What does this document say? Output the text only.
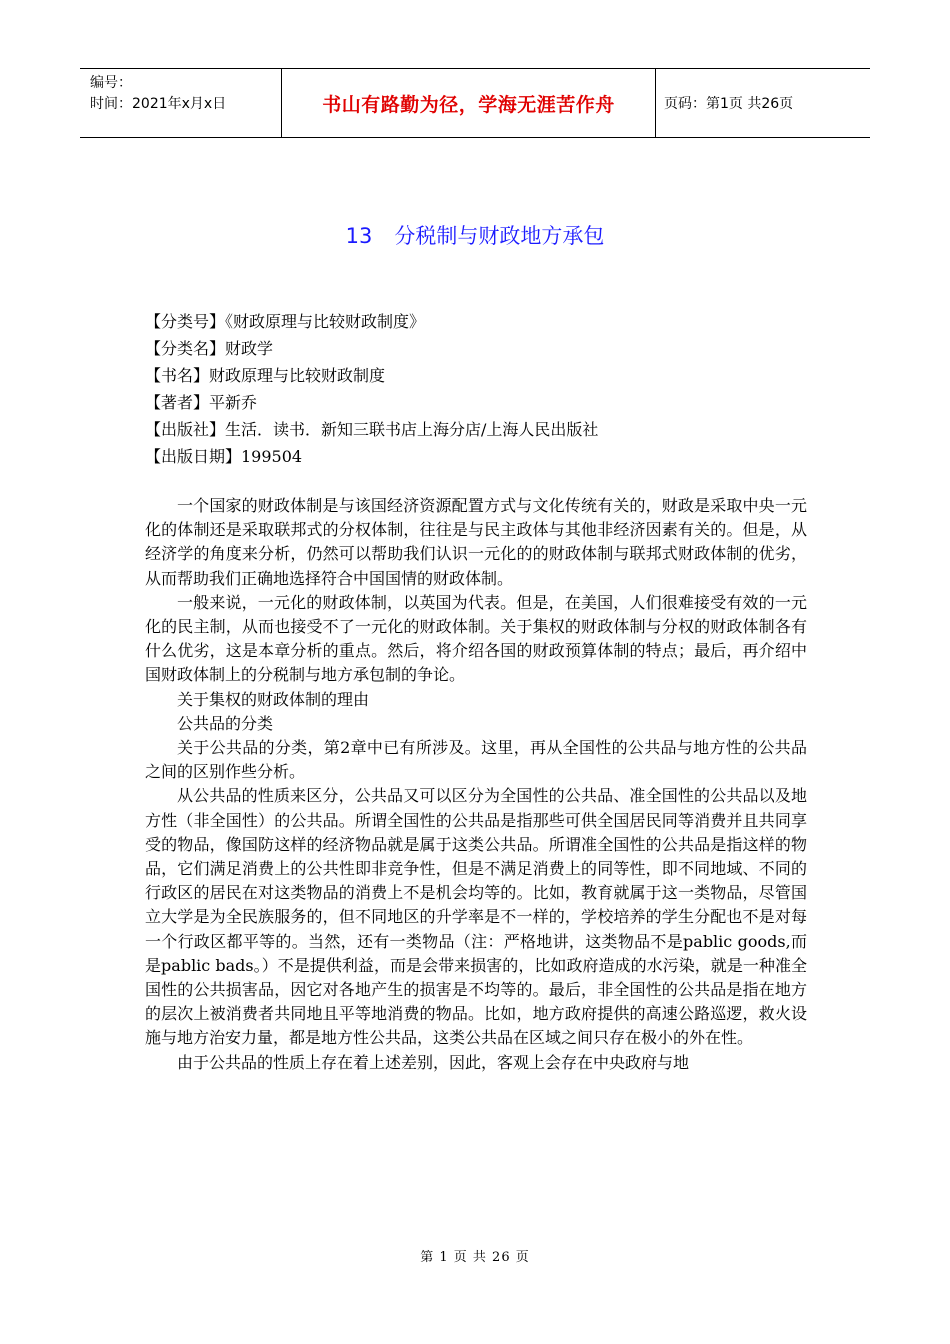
编号：
时间：2021年x月x日	书山有路勤为径，学海无涯苦作舟	页码：第1页 共26页
13 分税制与财政地方承包
【分类号】《财政原理与比较财政制度》
【分类名】财政学
【书名】财政原理与比较财政制度
【著者】平新乔
【出版社】生活．读书．新知三联书店上海分店/上海人民出版社
【出版日期】199504

一个国家的财政体制是与该国经济资源配置方式与文化传统有关的，财政是采取中央一元化的体制还是采取联邦式的分权体制，往往是与民主政体与其他非经济因素有关的。但是，从经济学的角度来分析，仍然可以帮助我们认识一元化的的财政体制与联邦式财政体制的优劣，从而帮助我们正确地选择符合中国国情的财政体制。

一般来说，一元化的财政体制，以英国为代表。但是，在美国，人们很难接受有效的一元化的民主制，从而也接受不了一元化的财政体制。关于集权的财政体制与分权的财政体制各有什么优劣，这是本章分析的重点。然后，将介绍各国的财政预算体制的特点；最后，再介绍中国财政体制上的分税制与地方承包制的争论。

关于集权的财政体制的理由

公共品的分类

关于公共品的分类，第2章中已有所涉及。这里，再从全国性的公共品与地方性的公共品之间的区别作些分析。

从公共品的性质来区分，公共品又可以区分为全国性的公共品、准全国性的公共品以及地方性（非全国性）的公共品。所谓全国性的公共品是指那些可供全国居民同等消费并且共同享受的物品，像国防这样的经济物品就是属于这类公共品。所谓准全国性的公共品是指这样的物品，它们满足消费上的公共性即非竞争性，但是不满足消费上的同等性，即不同地域、不同的行政区的居民在对这类物品的消费上不是机会均等的。比如，教育就属于这一类物品，尽管国立大学是为全民族服务的，但不同地区的升学率是不一样的，学校培养的学生分配也不是对每一个行政区都平等的。当然，还有一类物品（注：严格地讲，这类物品不是pablic goods,而是pablic bads。）不是提供利益，而是会带来损害的，比如政府造成的水污染，就是一种准全国性的公共损害品，因它对各地产生的损害是不均等的。最后，非全国性的公共品是指在地方的层次上被消费者共同地且平等地消费的物品。比如，地方政府提供的高速公路巡逻，救火设施与地方治安力量，都是地方性公共品，这类公共品在区域之间只存在极小的外在性。

由于公共品的性质上存在着上述差别，因此，客观上会存在中央政府与地

第 1 页 共 26 页
